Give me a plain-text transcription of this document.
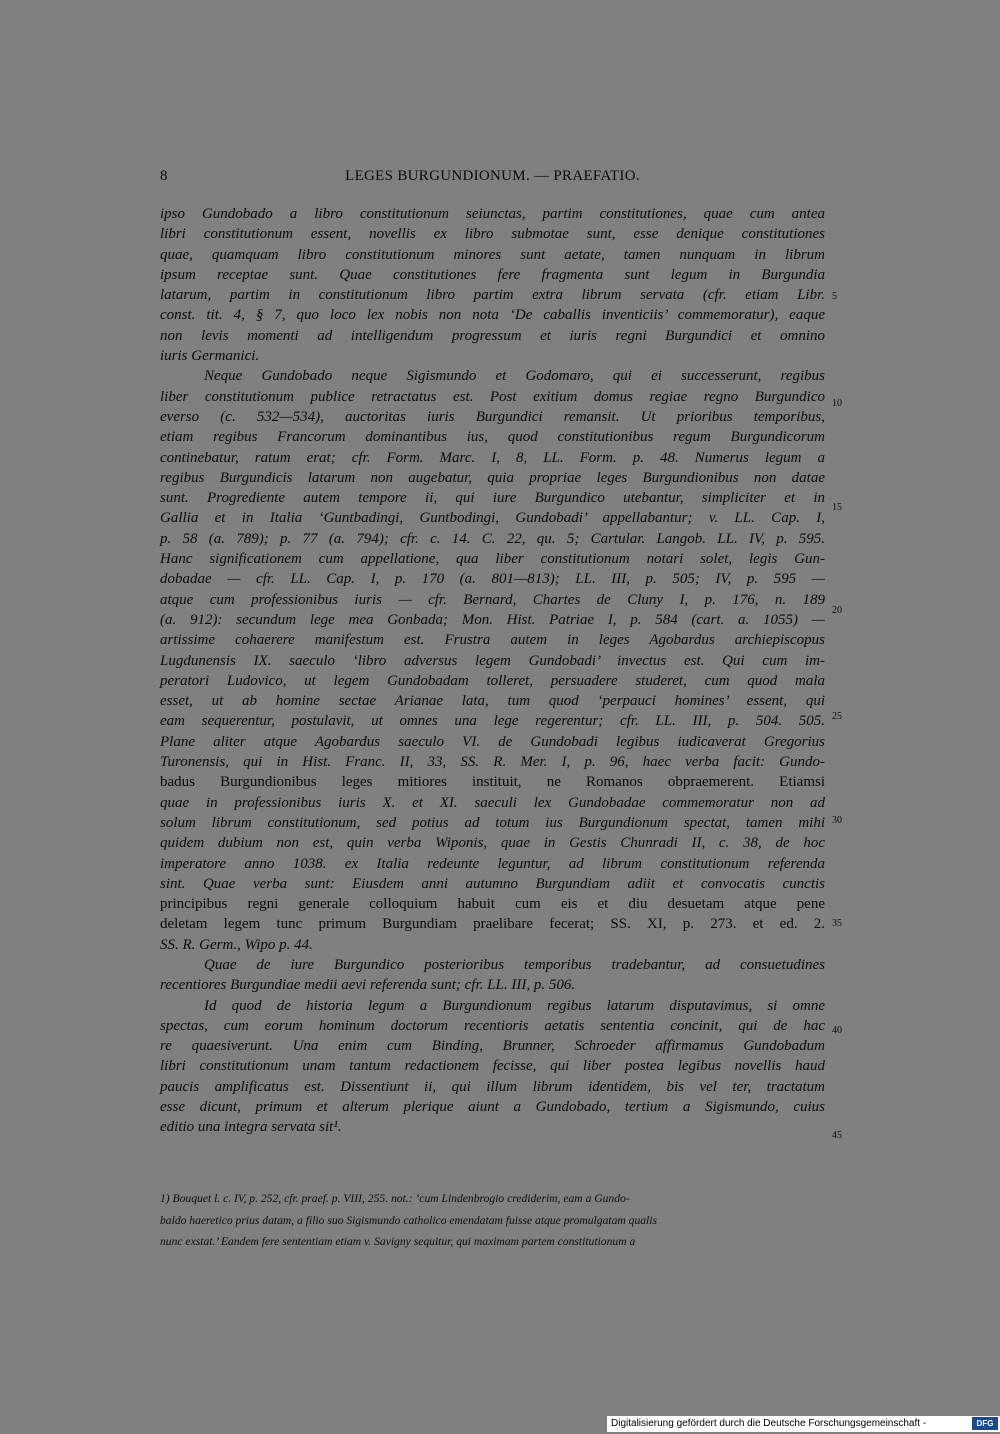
8	LEGES BURGUNDIONUM. — PRAEFATIO.
ipso Gundobado a libro constitutionum seiunctas, partim constitutiones, quae cum antea
libri constitutionum essent, novellis ex libro submotae sunt, esse denique constitutiones
quae, quamquam libro constitutionum minores sunt aetate, tamen nunquam in librum
ipsum receptae sunt. Quae constitutiones fere fragmenta sunt legum in Burgundia
latarum, partim in constitutionum libro partim extra librum servata (cfr. etiam Libr.
const. tit. 4, § 7, quo loco lex nobis non nota ‘De caballis inventiciis’ commemoratur), eaque
non levis momenti ad intelligendum progressum et iuris regni Burgundici et omnino
iuris Germanici.
Neque Gundobado neque Sigismundo et Godomaro, qui ei successerunt, regibus
liber constitutionum publice retractatus est. Post exitium domus regiae regno Burgundico
everso (c. 532—534), auctoritas iuris Burgundici remansit. Ut prioribus temporibus,
etiam regibus Francorum dominantibus ius, quod constitutionibus regum Burgundicorum
continebatur, ratum erat; cfr. Form. Marc. I, 8, LL. Form. p. 48. Numerus legum a
regibus Burgundicis latarum non augebatur, quia propriae leges Burgundionibus non datae
sunt. Progrediente autem tempore ii, qui iure Burgundico utebantur, simpliciter et in
Gallia et in Italia ‘Guntbadingi, Guntbodingi, Gundobadi’ appellabantur; v. LL. Cap. I,
p. 58 (a. 789); p. 77 (a. 794); cfr. c. 14. C. 22, qu. 5; Cartular. Langob. LL. IV, p. 595.
Hanc significationem cum appellatione, qua liber constitutionum notari solet, legis Gun-
dobadae — cfr. LL. Cap. I, p. 170 (a. 801—813); LL. III, p. 505; IV, p. 595 —
atque cum professionibus iuris — cfr. Bernard, Chartes de Cluny I, p. 176, n. 189
(a. 912): secundum lege mea Gonbada; Mon. Hist. Patriae I, p. 584 (cart. a. 1055) —
artissime cohaerere manifestum est. Frustra autem in leges Agobardus archiepiscopus
Lugdunensis IX. saeculo ‘libro adversus legem Gundobadi’ invectus est. Qui cum im-
peratori Ludovico, ut legem Gundobadam tolleret, persuadere studeret, cum quod mala
esset, ut ab homine sectae Arianae lata, tum quod ‘perpauci homines’ essent, qui
eam sequerentur, postulavit, ut omnes una lege regerentur; cfr. LL. III, p. 504. 505.
Plane aliter atque Agobardus saeculo VI. de Gundobadi legibus iudicaverat Gregorius
Turonensis, qui in Hist. Franc. II, 33, SS. R. Mer. I, p. 96, haec verba facit: Gundo-
badus Burgundionibus leges mitiores instituit, ne Romanos obpraemerent. Etiamsi
quae in professionibus iuris X. et XI. saeculi lex Gundobadae commemoratur non ad
solum librum constitutionum, sed potius ad totum ius Burgundionum spectat, tamen mihi
quidem dubium non est, quin verba Wiponis, quae in Gestis Chunradi II, c. 38, de hoc
imperatore anno 1038. ex Italia redeunte leguntur, ad librum constitutionum referenda
sint. Quae verba sunt: Eiusdem anni autumno Burgundiam adiit et convocatis cunctis
principibus regni generale colloquium habuit cum eis et diu desuetam atque pene
deletam legem tunc primum Burgundiam praelibare fecerat; SS. XI, p. 273. et ed. 2.
SS. R. Germ., Wipo p. 44.
Quae de iure Burgundico posterioribus temporibus tradebantur, ad consuetudines
recentiores Burgundiae medii aevi referenda sunt; cfr. LL. III, p. 506.
Id quod de historia legum a Burgundionum regibus latarum disputavimus, si omne
spectas, cum eorum hominum doctorum recentioris aetatis sententia concinit, qui de hac
re quaesiverunt. Una enim cum Binding, Brunner, Schroeder affirmamus Gundobadum
libri constitutionum unam tantum redactionem fecisse, qui liber postea legibus novellis haud
paucis amplificatus est. Dissentiunt ii, qui illum librum identidem, bis vel ter, tractatum
esse dicunt, primum et alterum plerique aiunt a Gundobado, tertium a Sigismundo, cuius
editio una integra servata sit¹.
5
10
15
20
25
30
35
40
45
1) Bouquet l. c. IV, p. 252, cfr. praef. p. VIII, 255. not.: ‘cum Lindenbrogio crediderim, eam a Gundo-
baldo haeretico prius datam, a filio suo Sigismundo catholico emendatam fuisse atque promulgatam qualis
nunc exstat.’ Eandem fere sententiam etiam v. Savigny sequitur, qui maximam partem constitutionum a
Digitalisierung gefördert durch die Deutsche Forschungsgemeinschaft -	DFG
